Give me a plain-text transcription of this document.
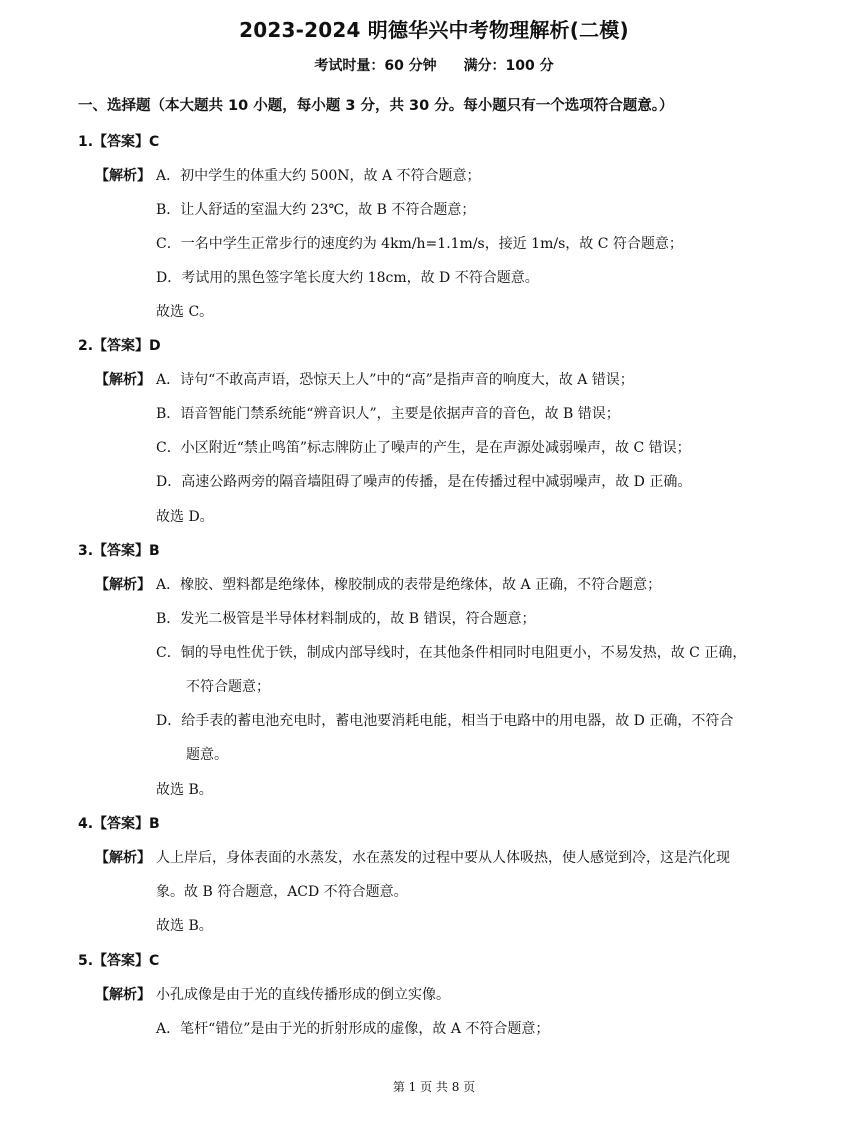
2023-2024 明德华兴中考物理解析(二模)
考试时量：60 分钟 满分：100 分
一、选择题（本大题共 10 小题，每小题 3 分，共 30 分。每小题只有一个选项符合题意。）
1.【答案】C
【解析】 A．初中学生的体重大约 500N，故 A 不符合题意；
B．让人舒适的室温大约 23℃，故 B 不符合题意；
C．一名中学生正常步行的速度约为 4km/h=1.1m/s，接近 1m/s，故 C 符合题意；
D．考试用的黑色签字笔长度大约 18cm，故 D 不符合题意。
故选 C。
2.【答案】D
【解析】 A．诗句“不敢高声语，恐惊天上人”中的“高”是指声音的响度大，故 A 错误；
B．语音智能门禁系统能“辨音识人”，主要是依据声音的音色，故 B 错误；
C．小区附近“禁止鸣笛”标志牌防止了噪声的产生，是在声源处减弱噪声，故 C 错误；
D．高速公路两旁的隔音墙阻碍了噪声的传播，是在传播过程中减弱噪声，故 D 正确。
故选 D。
3.【答案】B
【解析】 A．橡胶、塑料都是绝缘体，橡胶制成的表带是绝缘体，故 A 正确，不符合题意；
B．发光二极管是半导体材料制成的，故 B 错误，符合题意；
C．铜的导电性优于铁，制成内部导线时，在其他条件相同时电阻更小，不易发热，故 C 正确，
不符合题意；
D．给手表的蓄电池充电时，蓄电池要消耗电能，相当于电路中的用电器，故 D 正确，不符合
题意。
故选 B。
4.【答案】B
【解析】 人上岸后，身体表面的水蒸发，水在蒸发的过程中要从人体吸热，使人感觉到冷，这是汽化现
象。故 B 符合题意，ACD 不符合题意。
故选 B。
5.【答案】C
【解析】 小孔成像是由于光的直线传播形成的倒立实像。
A．笔杆“错位”是由于光的折射形成的虚像，故 A 不符合题意；
第 1 页 共 8 页
